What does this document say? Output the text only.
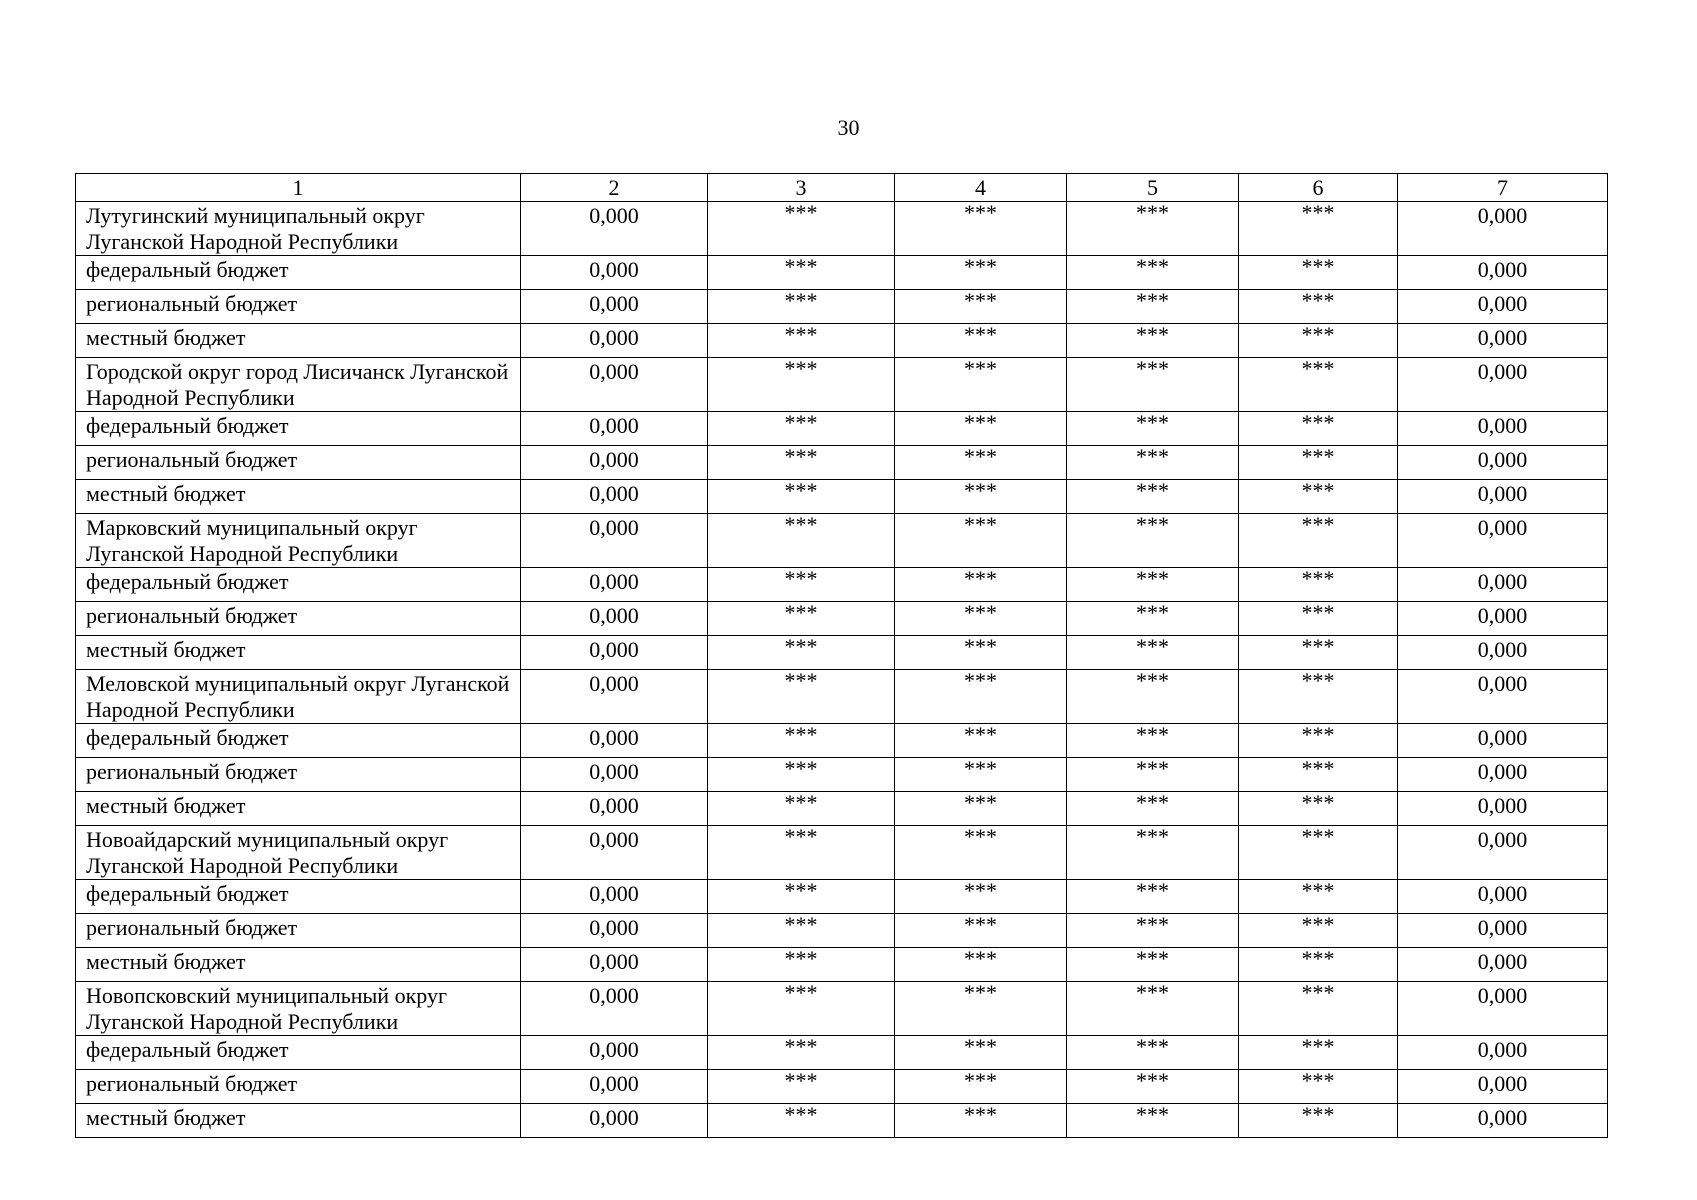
30
1	2	3	4	5	6	7
Лутугинский муниципальный округ Луганской Народной Республики	0,000	***	***	***	***	0,000
федеральный бюджет	0,000	***	***	***	***	0,000
региональный бюджет	0,000	***	***	***	***	0,000
местный бюджет	0,000	***	***	***	***	0,000
Городской округ город Лисичанск Луганской Народной Республики	0,000	***	***	***	***	0,000
федеральный бюджет	0,000	***	***	***	***	0,000
региональный бюджет	0,000	***	***	***	***	0,000
местный бюджет	0,000	***	***	***	***	0,000
Марковский муниципальный округ Луганской Народной Республики	0,000	***	***	***	***	0,000
федеральный бюджет	0,000	***	***	***	***	0,000
региональный бюджет	0,000	***	***	***	***	0,000
местный бюджет	0,000	***	***	***	***	0,000
Меловской муниципальный округ Луганской Народной Республики	0,000	***	***	***	***	0,000
федеральный бюджет	0,000	***	***	***	***	0,000
региональный бюджет	0,000	***	***	***	***	0,000
местный бюджет	0,000	***	***	***	***	0,000
Новоайдарский муниципальный округ Луганской Народной Республики	0,000	***	***	***	***	0,000
федеральный бюджет	0,000	***	***	***	***	0,000
региональный бюджет	0,000	***	***	***	***	0,000
местный бюджет	0,000	***	***	***	***	0,000
Новопсковский муниципальный округ Луганской Народной Республики	0,000	***	***	***	***	0,000
федеральный бюджет	0,000	***	***	***	***	0,000
региональный бюджет	0,000	***	***	***	***	0,000
местный бюджет	0,000	***	***	***	***	0,000
